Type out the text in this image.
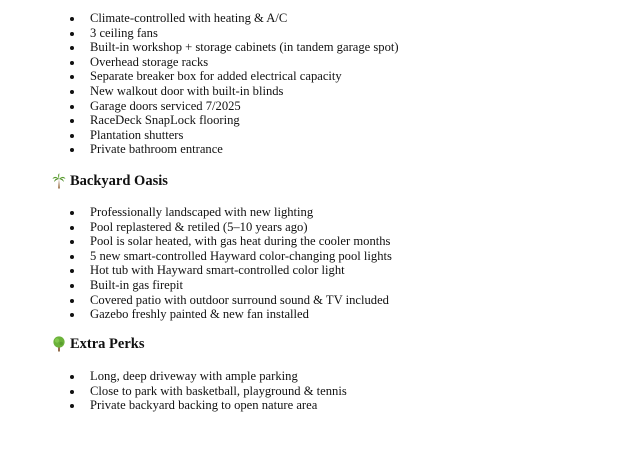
Climate-controlled with heating & A/C
3 ceiling fans
Built-in workshop + storage cabinets (in tandem garage spot)
Overhead storage racks
Separate breaker box for added electrical capacity
New walkout door with built-in blinds
Garage doors serviced 7/2025
RaceDeck SnapLock flooring
Plantation shutters
Private bathroom entrance
Backyard Oasis
Professionally landscaped with new lighting
Pool replastered & retiled (5–10 years ago)
Pool is solar heated, with gas heat during the cooler months
5 new smart-controlled Hayward color-changing pool lights
Hot tub with Hayward smart-controlled color light
Built-in gas firepit
Covered patio with outdoor surround sound & TV included
Gazebo freshly painted & new fan installed
Extra Perks
Long, deep driveway with ample parking
Close to park with basketball, playground & tennis
Private backyard backing to open nature area
